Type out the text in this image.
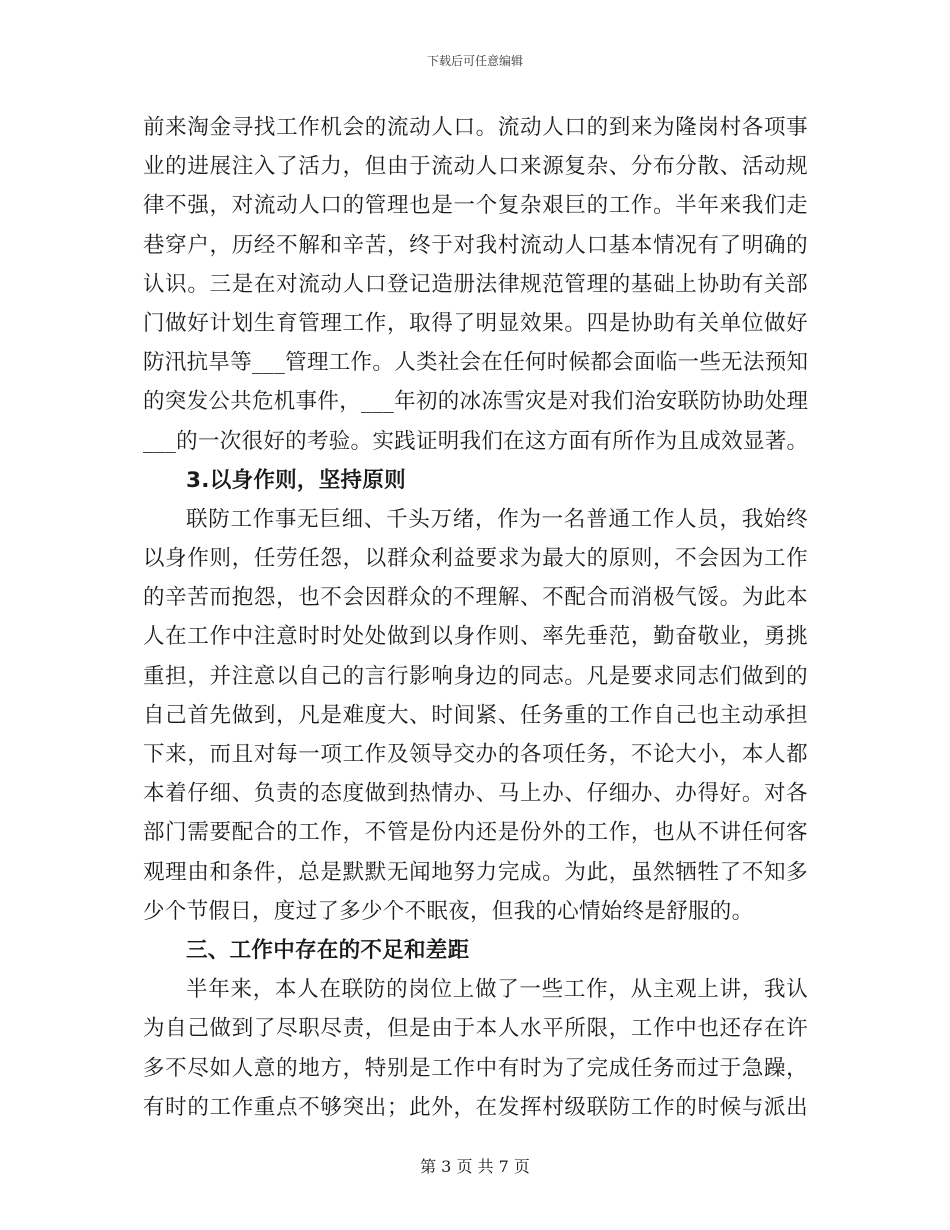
下载后可任意编辑
前来淘金寻找工作机会的流动人口。流动人口的到来为隆岗村各项事
业的进展注入了活力，但由于流动人口来源复杂、分布分散、活动规
律不强，对流动人口的管理也是一个复杂艰巨的工作。半年来我们走
巷穿户，历经不解和辛苦，终于对我村流动人口基本情况有了明确的
认识。三是在对流动人口登记造册法律规范管理的基础上协助有关部
门做好计划生育管理工作，取得了明显效果。四是协助有关单位做好
防汛抗旱等___管理工作。人类社会在任何时候都会面临一些无法预知
的突发公共危机事件，___年初的冰冻雪灾是对我们治安联防协助处理
___的一次很好的考验。实践证明我们在这方面有所作为且成效显著。
3.以身作则，坚持原则
联防工作事无巨细、千头万绪，作为一名普通工作人员，我始终
以身作则，任劳任怨，以群众利益要求为最大的原则，不会因为工作
的辛苦而抱怨，也不会因群众的不理解、不配合而消极气馁。为此本
人在工作中注意时时处处做到以身作则、率先垂范，勤奋敬业，勇挑
重担，并注意以自己的言行影响身边的同志。凡是要求同志们做到的
自己首先做到，凡是难度大、时间紧、任务重的工作自己也主动承担
下来，而且对每一项工作及领导交办的各项任务，不论大小，本人都
本着仔细、负责的态度做到热情办、马上办、仔细办、办得好。对各
部门需要配合的工作，不管是份内还是份外的工作，也从不讲任何客
观理由和条件，总是默默无闻地努力完成。为此，虽然牺牲了不知多
少个节假日，度过了多少个不眠夜，但我的心情始终是舒服的。
三、工作中存在的不足和差距
半年来，本人在联防的岗位上做了一些工作，从主观上讲，我认
为自己做到了尽职尽责，但是由于本人水平所限，工作中也还存在许
多不尽如人意的地方，特别是工作中有时为了完成任务而过于急躁，
有时的工作重点不够突出；此外，在发挥村级联防工作的时候与派出
第 3 页 共 7 页
